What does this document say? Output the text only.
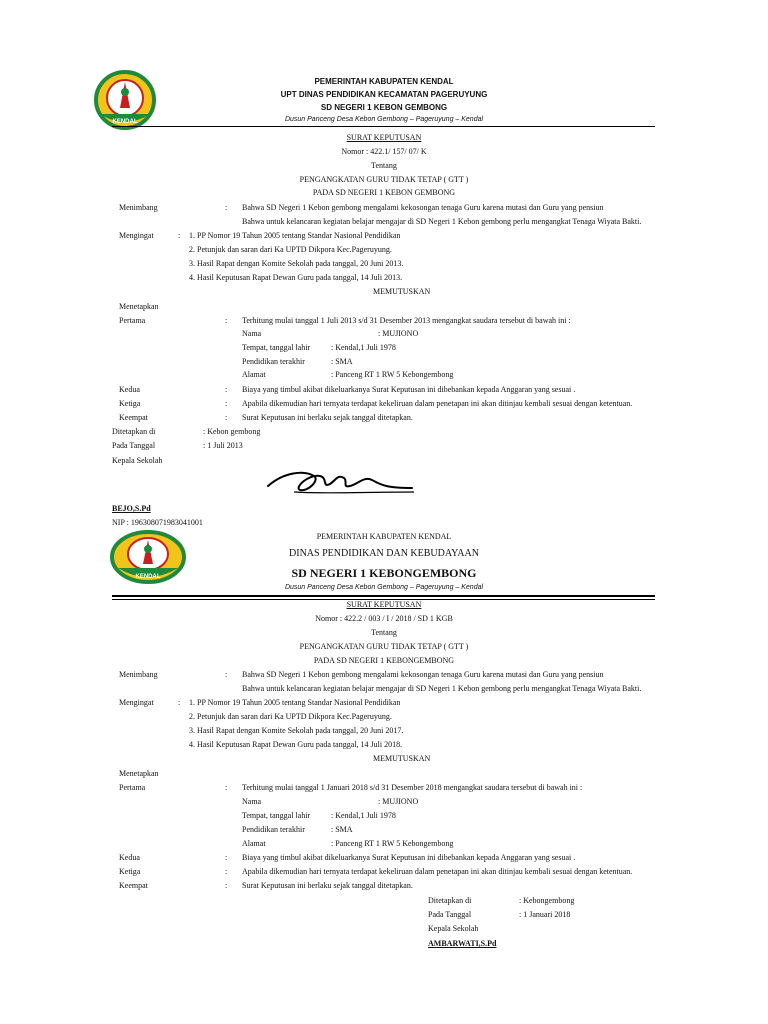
KENDAL
PEMERINTAH KABUPATEN KENDAL
UPT DINAS PENDIDIKAN KECAMATAN PAGERUYUNG
SD NEGERI 1 KEBON GEMBONG
Dusun Panceng Desa Kebon Gembong – Pageruyung – Kendal
SURAT KEPUTUSAN
Nomor : 422.1/ 157/ 07/ K
Tentang
PENGANGKATAN GURU TIDAK TETAP ( GTT )
PADA SD NEGERI 1 KEBON GEMBONG
Menimbang	: Bahwa SD Negeri 1 Kebon gembong mengalami kekosongan tenaga Guru karena mutasi dan Guru yang pensiun
Bahwa untuk kelancaran kegiatan belajar mengajar di SD Negeri 1 Kebon gembong perlu mengangkat Tenaga Wiyata Bakti.
Mengingat	: 1. PP Nomor 19 Tahun 2005 tentang Standar Nasional Pendidikan
2. Petunjuk dan saran dari Ka UPTD Dikpora Kec.Pageruyung.
3. Hasil Rapat dengan Komite Sekolah pada tanggal, 20 Juni 2013.
4. Hasil Keputusan Rapat Dewan Guru pada tanggal, 14 Juli 2013.
MEMUTUSKAN
Menetapkan
Pertama	: Terhitung mulai tanggal 1 Juli 2013 s/d 31 Desember 2013 mengangkat saudara tersebut di bawah ini :
Nama	: MUJIONO
Tempat, tanggal lahir	: Kendal,1 Juli 1978
Pendidikan terakhir	: SMA
Alamat	: Panceng RT 1 RW 5 Kebongembong
Kedua	: Biaya yang timbul akibat dikeluarkanya Surat Keputusan ini dibebankan kepada Anggaran yang sesuai .
Ketiga	: Apabila dikemudian hari ternyata terdapat kekeliruan dalam penetapan ini akan ditinjau kembali sesuai dengan ketentuan.
Keempat	: Surat Keputusan ini berlaku sejak tanggal ditetapkan.
Ditetapkan di	: Kebon gembong
Pada Tanggal	: 1 Juli 2013
Kepala Sekolah
BEJO,S.Pd
NIP : 196308071983041001
KENDAL
PEMERINTAH KABUPATEN KENDAL
DINAS PENDIDIKAN DAN KEBUDAYAAN
SD NEGERI 1 KEBONGEMBONG
Dusun Panceng Desa Kebon Gembong – Pageruyung – Kendal
SURAT KEPUTUSAN
Nomor : 422.2 / 003 / I / 2018 / SD 1 KGB
Tentang
PENGANGKATAN GURU TIDAK TETAP ( GTT )
PADA SD NEGERI 1 KEBONGEMBONG
Menimbang	: Bahwa SD Negeri 1 Kebon gembong mengalami kekosongan tenaga Guru karena mutasi dan Guru yang pensiun
Bahwa untuk kelancaran kegiatan belajar mengajar di SD Negeri 1 Kebon gembong perlu mengangkat Tenaga Wiyata Bakti.
Mengingat	: 1. PP Nomor 19 Tahun 2005 tentang Standar Nasional Pendidikan
2. Petunjuk dan saran dari Ka UPTD Dikpora Kec.Pageruyung.
3. Hasil Rapat dengan Komite Sekolah pada tanggal, 20 Juni 2017.
4. Hasil Keputusan Rapat Dewan Guru pada tanggal, 14 Juli 2018.
MEMUTUSKAN
Menetapkan
Pertama	: Terhitung mulai tanggal 1 Januari 2018 s/d 31 Desember 2018 mengangkat saudara tersebut di bawah ini :
Nama	: MUJIONO
Tempat, tanggal lahir	: Kendal,1 Juli 1978
Pendidikan terakhir	: SMA
Alamat	: Panceng RT 1 RW 5 Kebongembong
Kedua	: Biaya yang timbul akibat dikeluarkanya Surat Keputusan ini dibebankan kepada Anggaran yang sesuai .
Ketiga	: Apabila dikemudian hari ternyata terdapat kekeliruan dalam penetapan ini akan ditinjau kembali sesuai dengan ketentuan.
Keempat	: Surat Keputusan ini berlaku sejak tanggal ditetapkan.
Ditetapkan di	: Kebongembong
Pada Tanggal	: 1 Januari 2018
Kepala Sekolah
AMBARWATI,S.Pd
